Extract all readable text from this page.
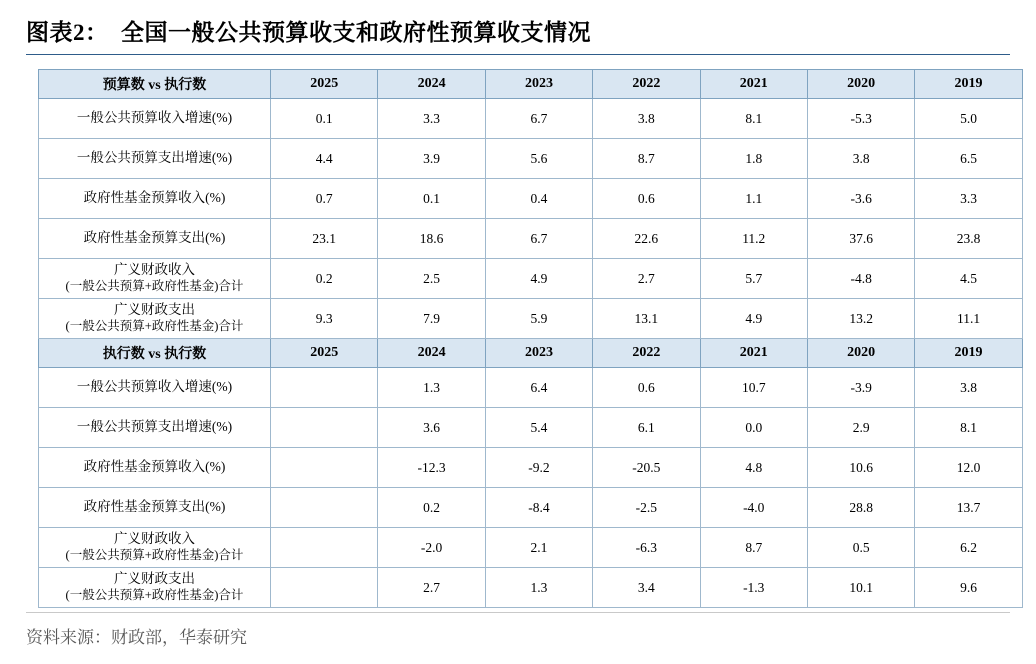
图表2： 全国一般公共预算收支和政府性预算收支情况
预算数 vs 执行数	2025	2024	2023	2022	2021	2020	2019
一般公共预算收入增速(%)	0.1	3.3	6.7	3.8	8.1	-5.3	5.0
一般公共预算支出增速(%)	4.4	3.9	5.6	8.7	1.8	3.8	6.5
政府性基金预算收入(%)	0.7	0.1	0.4	0.6	1.1	-3.6	3.3
政府性基金预算支出(%)	23.1	18.6	6.7	22.6	11.2	37.6	23.8
广义财政收入
(一般公共预算+政府性基金)合计	0.2	2.5	4.9	2.7	5.7	-4.8	4.5
广义财政支出
(一般公共预算+政府性基金)合计	9.3	7.9	5.9	13.1	4.9	13.2	11.1
执行数 vs 执行数	2025	2024	2023	2022	2021	2020	2019
一般公共预算收入增速(%)		1.3	6.4	0.6	10.7	-3.9	3.8
一般公共预算支出增速(%)		3.6	5.4	6.1	0.0	2.9	8.1
政府性基金预算收入(%)		-12.3	-9.2	-20.5	4.8	10.6	12.0
政府性基金预算支出(%)		0.2	-8.4	-2.5	-4.0	28.8	13.7
广义财政收入
(一般公共预算+政府性基金)合计		-2.0	2.1	-6.3	8.7	0.5	6.2
广义财政支出
(一般公共预算+政府性基金)合计		2.7	1.3	3.4	-1.3	10.1	9.6
资料来源：财政部，华泰研究
